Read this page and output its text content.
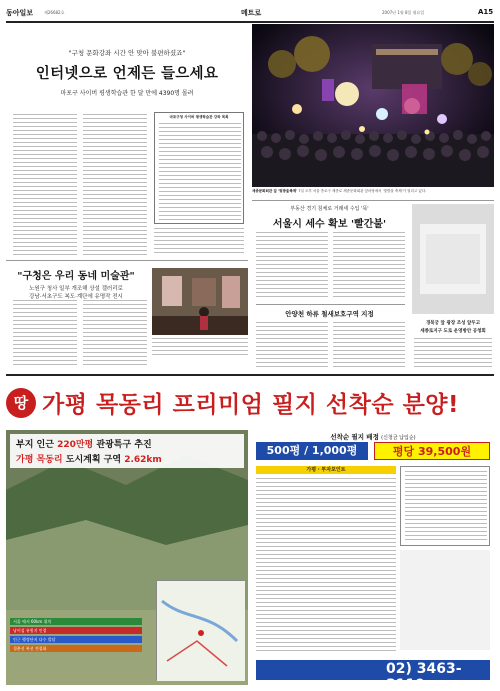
동아일보	제26682호	메트로	2007년 1월 8일 월요일	A15
"구청 문화강좌 시간 안 맞아 불편하셨죠"
인터넷으로 언제든 들으세요
마포구 사이버 평생학습관 한 달 만에 4390명 몰려
마포구청 사이버 평생학습관 강좌 목록
세종문화회관 앞 '빛방울축제' 7일 오후 서울 종로구 세종로 세종문화회관 앞마당에서 '빛방울 축제'가 열리고 있다.
부동산 경기 침체로 거래세 수입 '뚝'
서울시 세수 확보 '빨간불'
안양천 하류 철새보호구역 지정
경북궁 앞 광장 조성 앞두고
세종로지구 도로 운영방안 공청회
"구청은 우리 동네 미술관"
노원구 청사 일부 개조해 상설 갤러리로
강남·서초구도 복도·계단에 유명작 전시
땅 가평 목동리 프리미엄 필지 선착순 분양!
부지 인근 220만평 관광특구 추진
가평 목동리 도시계획 구역 2.62km
서울 에서 60km 위치
남이섬 유원지 인접
인근 행정단지 다수 발달
경춘선 복선 전철화
선착순 필지 배정 (신청금 납입순)
500평 / 1,000평	평당 39,500원
가평 · 투자포인트
02) 3463-3119
